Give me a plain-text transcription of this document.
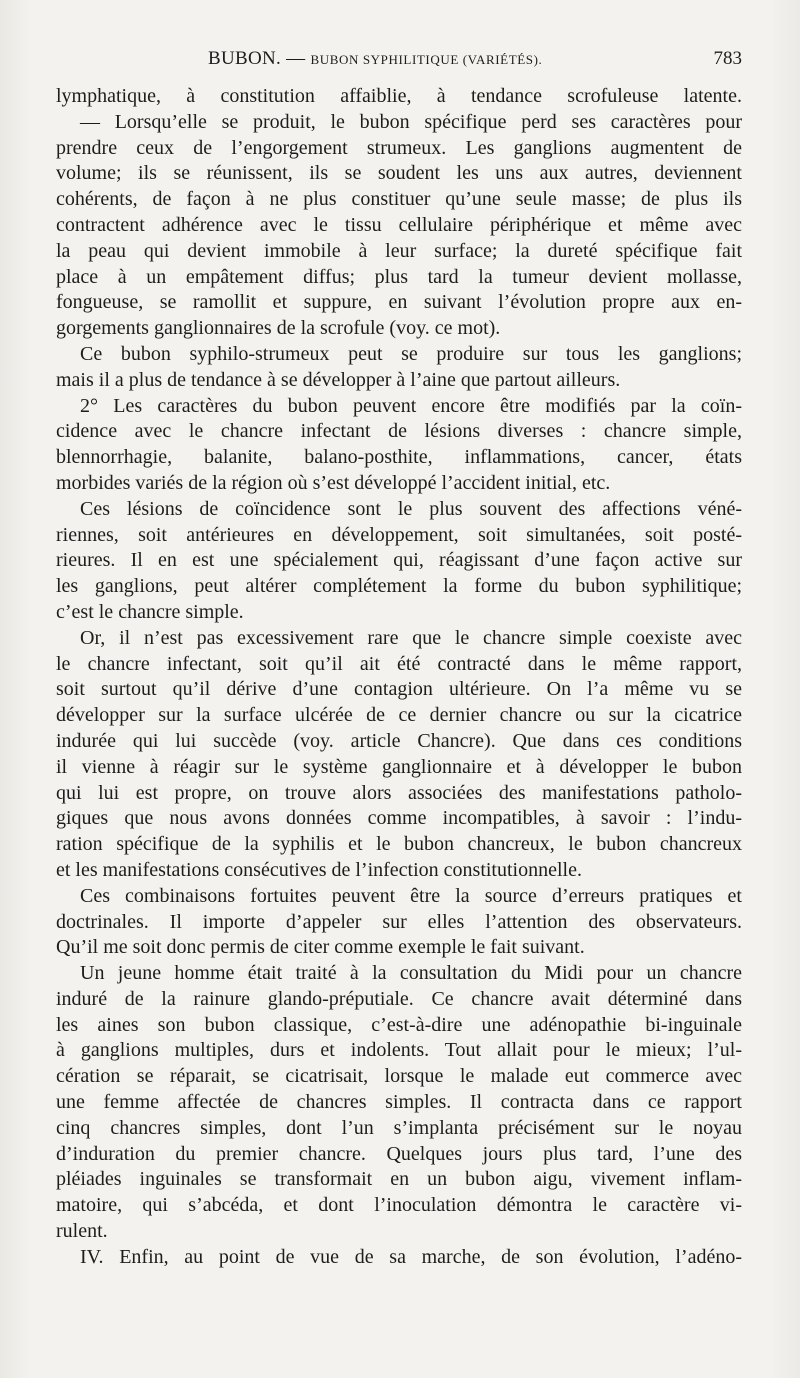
BUBON. — BUBON SYPHILITIQUE (VARIÉTÉS).	783
lymphatique, à constitution affaiblie, à tendance scrofuleuse latente.
— Lorsqu’elle se produit, le bubon spécifique perd ses caractères pour
prendre ceux de l’engorgement strumeux. Les ganglions augmentent de
volume; ils se réunissent, ils se soudent les uns aux autres, deviennent
cohérents, de façon à ne plus constituer qu’une seule masse; de plus ils
contractent adhérence avec le tissu cellulaire périphérique et même avec
la peau qui devient immobile à leur surface; la dureté spécifique fait
place à un empâtement diffus; plus tard la tumeur devient mollasse,
fongueuse, se ramollit et suppure, en suivant l’évolution propre aux en-
gorgements ganglionnaires de la scrofule (voy. ce mot).
Ce bubon syphilo-strumeux peut se produire sur tous les ganglions;
mais il a plus de tendance à se développer à l’aine que partout ailleurs.
2° Les caractères du bubon peuvent encore être modifiés par la coïn-
cidence avec le chancre infectant de lésions diverses : chancre simple,
blennorrhagie, balanite, balano-posthite, inflammations, cancer, états
morbides variés de la région où s’est développé l’accident initial, etc.
Ces lésions de coïncidence sont le plus souvent des affections véné-
riennes, soit antérieures en développement, soit simultanées, soit posté-
rieures. Il en est une spécialement qui, réagissant d’une façon active sur
les ganglions, peut altérer complétement la forme du bubon syphilitique;
c’est le chancre simple.
Or, il n’est pas excessivement rare que le chancre simple coexiste avec
le chancre infectant, soit qu’il ait été contracté dans le même rapport,
soit surtout qu’il dérive d’une contagion ultérieure. On l’a même vu se
développer sur la surface ulcérée de ce dernier chancre ou sur la cicatrice
indurée qui lui succède (voy. article Chancre). Que dans ces conditions
il vienne à réagir sur le système ganglionnaire et à développer le bubon
qui lui est propre, on trouve alors associées des manifestations patholo-
giques que nous avons données comme incompatibles, à savoir : l’indu-
ration spécifique de la syphilis et le bubon chancreux, le bubon chancreux
et les manifestations consécutives de l’infection constitutionnelle.
Ces combinaisons fortuites peuvent être la source d’erreurs pratiques et
doctrinales. Il importe d’appeler sur elles l’attention des observateurs.
Qu’il me soit donc permis de citer comme exemple le fait suivant.
Un jeune homme était traité à la consultation du Midi pour un chancre
induré de la rainure glando-préputiale. Ce chancre avait déterminé dans
les aines son bubon classique, c’est-à-dire une adénopathie bi-inguinale
à ganglions multiples, durs et indolents. Tout allait pour le mieux; l’ul-
cération se réparait, se cicatrisait, lorsque le malade eut commerce avec
une femme affectée de chancres simples. Il contracta dans ce rapport
cinq chancres simples, dont l’un s’implanta précisément sur le noyau
d’induration du premier chancre. Quelques jours plus tard, l’une des
pléiades inguinales se transformait en un bubon aigu, vivement inflam-
matoire, qui s’abcéda, et dont l’inoculation démontra le caractère vi-
rulent.
IV. Enfin, au point de vue de sa marche, de son évolution, l’adéno-
